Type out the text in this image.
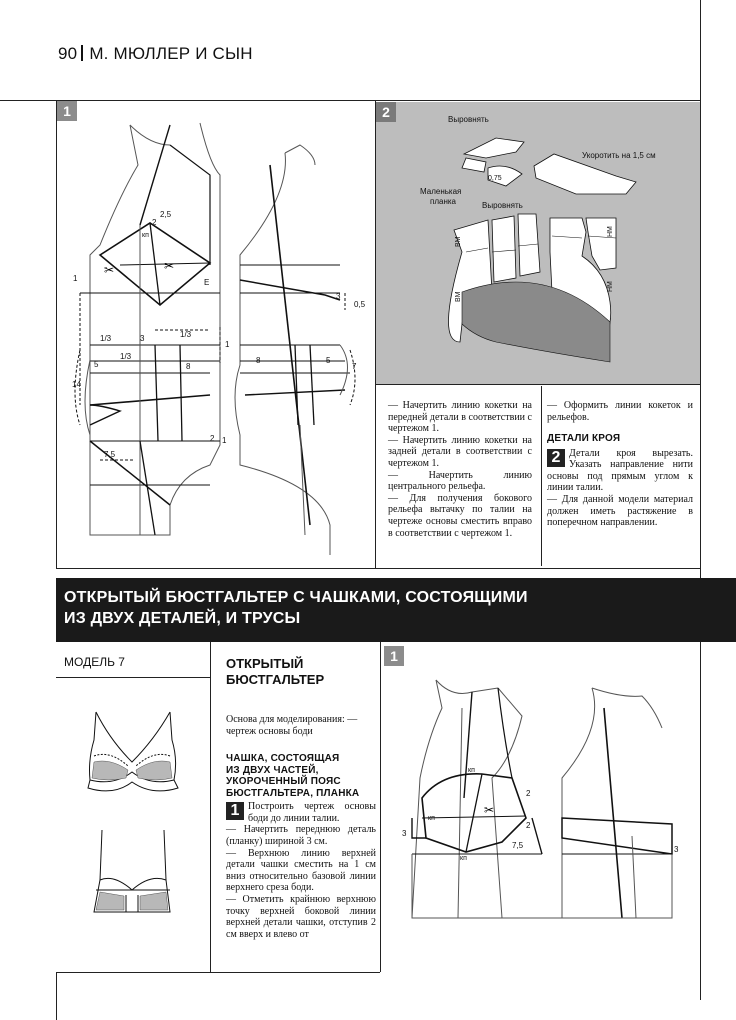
90 М. МЮЛЛЕР И СЫН
1
✂	✂
2
2,5
кп
1	E
1/3	1/3
1/3
3
14
5	8
7,5
2
1
3
0,5
8	5
7
1
2	Выровнять
Выровнять
Укоротить на 1,5 см
Маленькая
планка
0,75
ВМ
ВМ
НМ
НМ

— Начертить линию кокетки на передней детали в соответствии с чертежом 1.

— Начертить линию кокетки на задней детали в соответствии с чертежом 1.

— Начертить линию центрального рельефа.

— Для получения бокового рельефа вытачку по талии на чертеже основы сместить вправо в соответствии с чертежом 1.

— Оформить линии кокеток и рельефов.

ДЕТАЛИ КРОЯ

2 Детали кроя вырезать. Указать направление нити основы под прямым углом к линии талии.

— Для данной модели материал должен иметь растяжение в поперечном направлении.

ОТКРЫТЫЙ БЮСТГАЛЬТЕР С ЧАШКАМИ, СОСТОЯЩИМИ
ИЗ ДВУХ ДЕТАЛЕЙ, И ТРУСЫ
МОДЕЛЬ 7	ОТКРЫТЫЙ
БЮСТГАЛЬТЕР
Основа для моделирования: — чертеж основы боди
ЧАШКА, СОСТОЯЩАЯ
ИЗ ДВУХ ЧАСТЕЙ,
УКОРОЧЕННЫЙ ПОЯС
БЮСТГАЛЬТЕРА, ПЛАНКА

1 Построить чертеж основы боди до линии талии.

— Начертить переднюю деталь (планку) шириной 3 см.

— Верхнюю линию верхней детали чашки сместить на 1 см вниз относительно базовой линии верхнего среза боди.

— Отметить крайнюю верхнюю точку верхней боковой линии верхней детали чашки, отступив 2 см вверх и влево от

1
✂
кп
кп
кп
2
2
3
3
7,5
